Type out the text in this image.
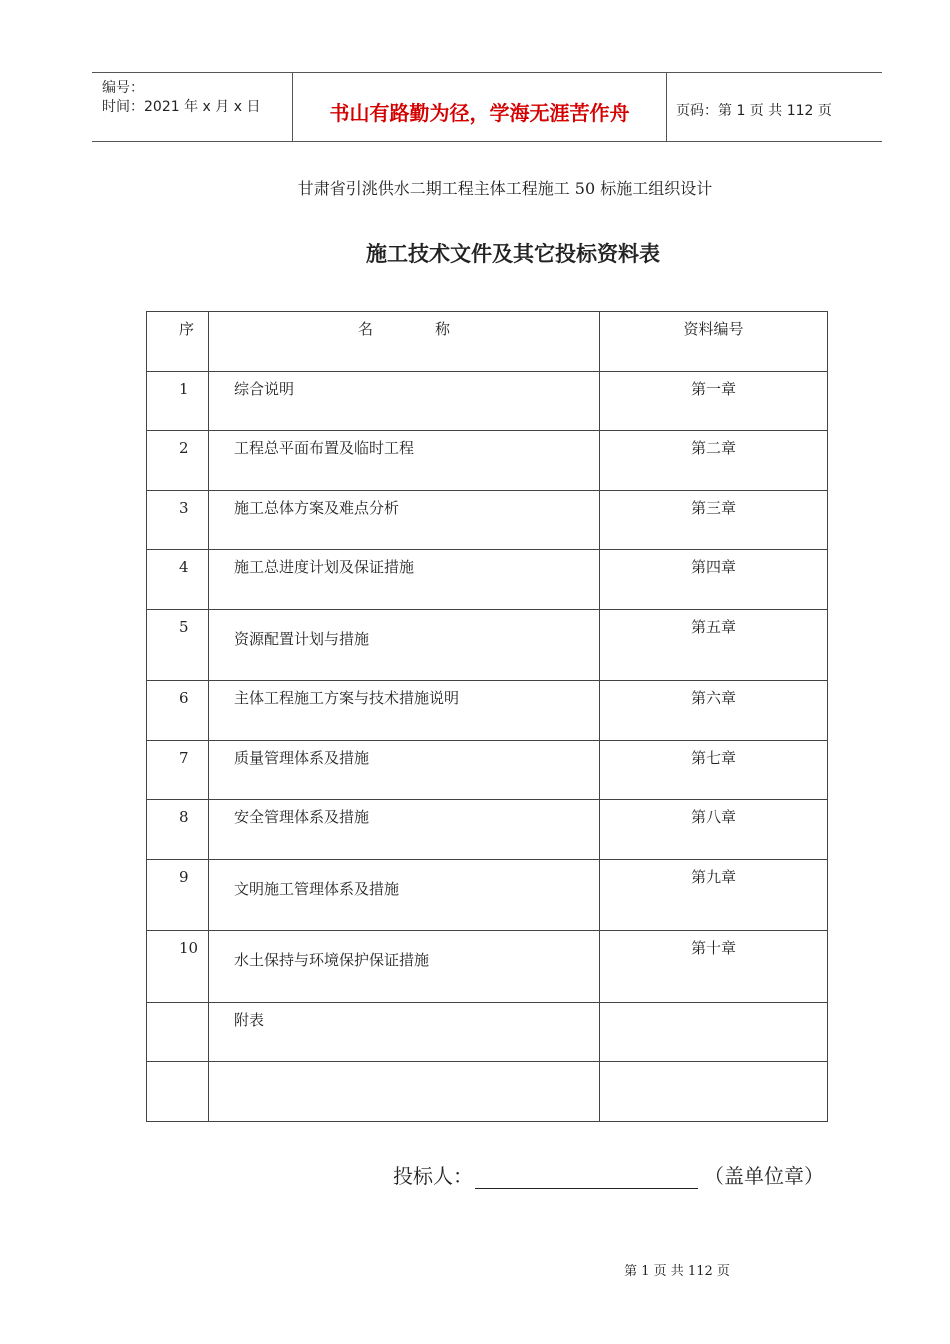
编号：
时间：2021 年 x 月 x 日	书山有路勤为径，学海无涯苦作舟	页码：第 1 页 共 112 页
甘肃省引洮供水二期工程主体工程施工 50 标施工组织设计
施工技术文件及其它投标资料表
序	名 称	资料编号
1	综合说明	第一章
2	工程总平面布置及临时工程	第二章
3	施工总体方案及难点分析	第三章
4	施工总进度计划及保证措施	第四章
5	资源配置计划与措施	第五章
6	主体工程施工方案与技术措施说明	第六章
7	质量管理体系及措施	第七章
8	安全管理体系及措施	第八章
9	文明施工管理体系及措施	第九章
10	水土保持与环境保护保证措施	第十章
	附表	

投标人：	（盖单位章）
第 1 页 共 112 页
